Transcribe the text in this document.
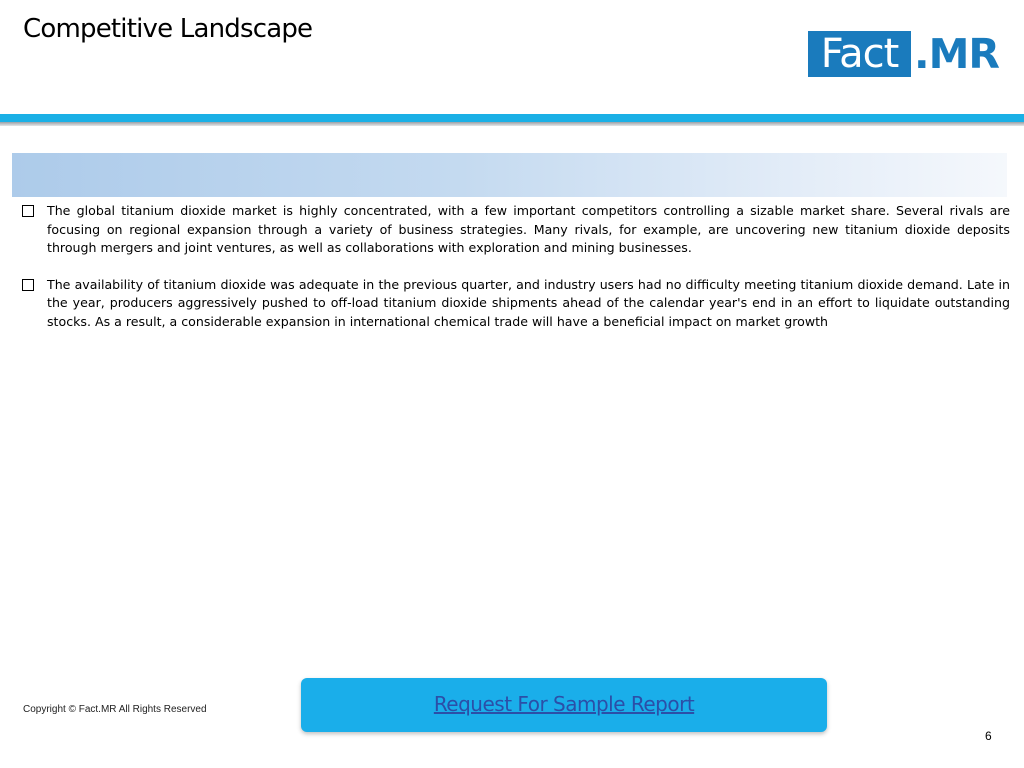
Competitive Landscape
Fact .MR
The global titanium dioxide market is highly concentrated, with a few important competitors controlling a sizable market share. Several rivals are focusing on regional expansion through a variety of business strategies. Many rivals, for example, are uncovering new titanium dioxide deposits through mergers and joint ventures, as well as collaborations with exploration and mining businesses.
The availability of titanium dioxide was adequate in the previous quarter, and industry users had no difficulty meeting titanium dioxide demand. Late in the year, producers aggressively pushed to off-load titanium dioxide shipments ahead of the calendar year's end in an effort to liquidate outstanding stocks. As a result, a considerable expansion in international chemical trade will have a beneficial impact on market growth
Copyright © Fact.MR All Rights Reserved	Request For Sample Report
6
